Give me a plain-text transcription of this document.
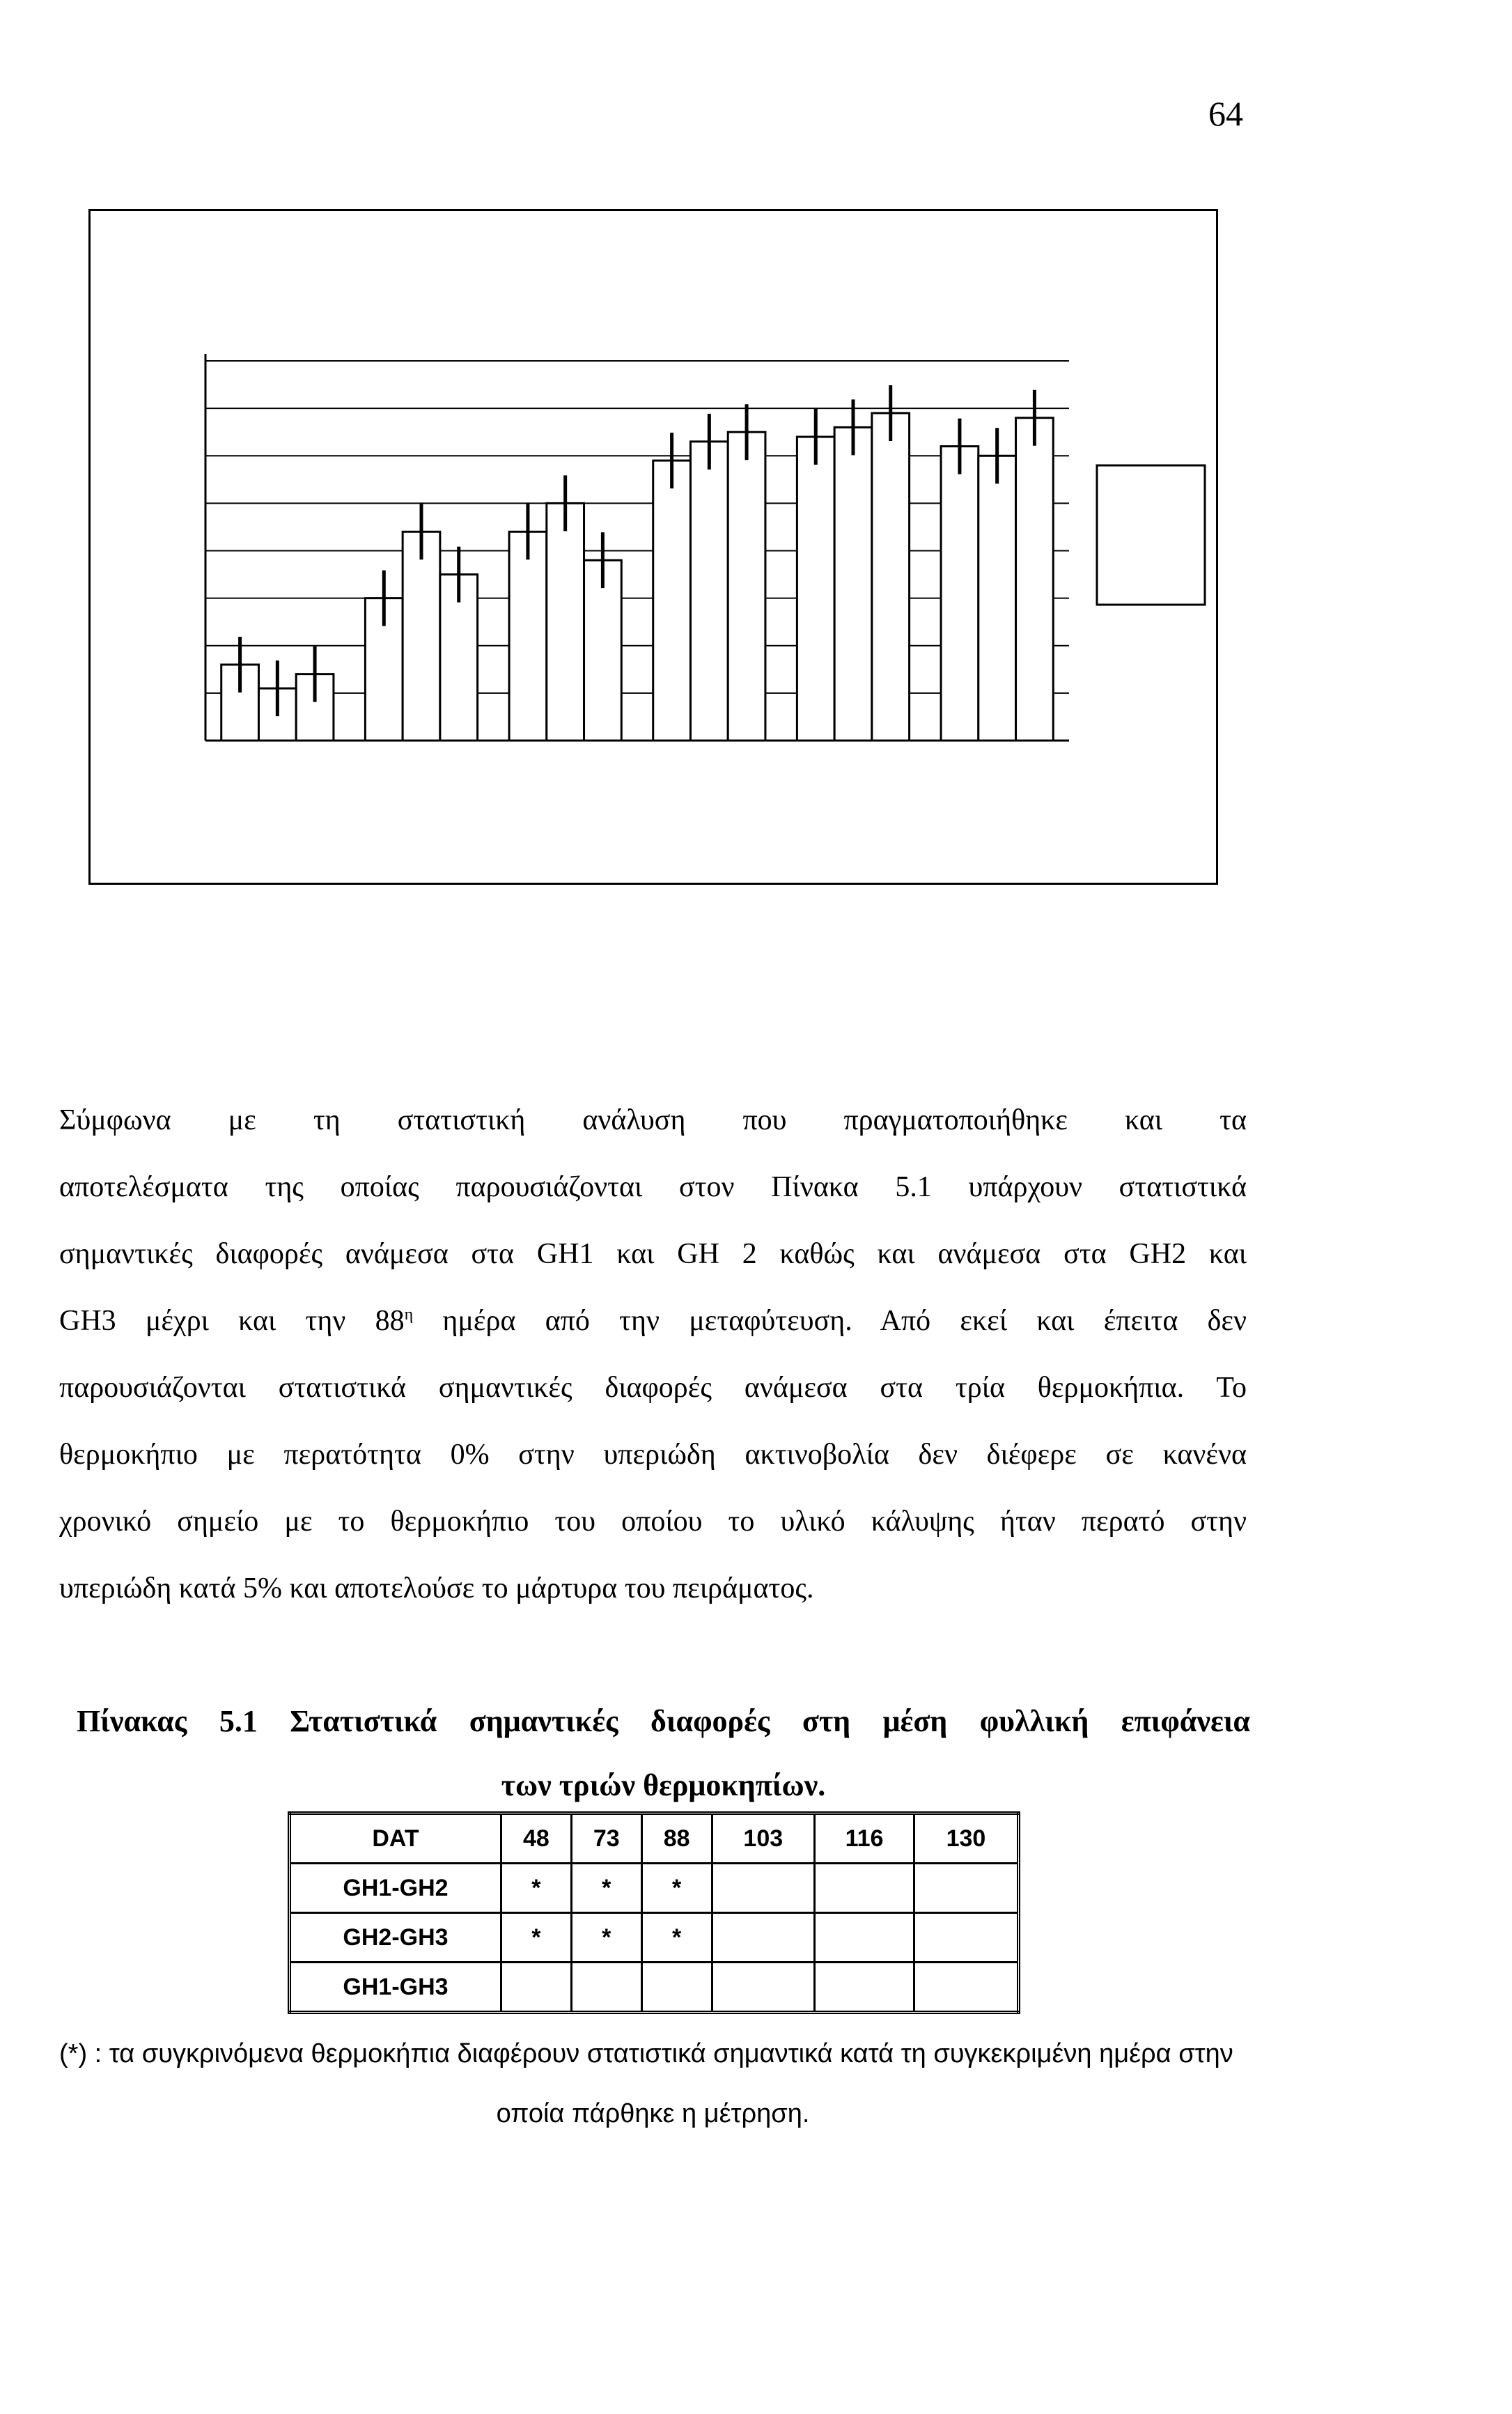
64
Σύμφωνα με τη στατιστική ανάλυση που πραγματοποιήθηκε και τα
αποτελέσματα της οποίας παρουσιάζονται στον Πίνακα 5.1 υπάρχουν στατιστικά
σημαντικές διαφορές ανάμεσα στα GH1 και GH 2 καθώς και ανάμεσα στα GH2 και
GH3 μέχρι και την $88^\eta$ ημέρα από την μεταφύτευση. Από εκεί και έπειτα δεν
παρουσιάζονται στατιστικά σημαντικές διαφορές ανάμεσα στα τρία θερμοκήπια. Το
θερμοκήπιο με περατότητα 0% στην υπεριώδη ακτινοβολία δεν διέφερε σε κανένα
χρονικό σημείο με το θερμοκήπιο του οποίου το υλικό κάλυψης ήταν περατό στην
υπεριώδη κατά 5% και αποτελούσε το μάρτυρα του πειράματος.
Πίνακας 5.1 Στατιστικά σημαντικές διαφορές στη μέση φυλλική επιφάνεια
των τριών θερμοκηπίων.
DAT	48	73	88	103	116	130
GH1-GH2	*	*	*			
GH2-GH3	*	*	*			
GH1-GH3						
(*) : τα συγκρινόμενα θερμοκήπια διαφέρουν στατιστικά σημαντικά κατά τη συγκεκριμένη ημέρα στην
οποία πάρθηκε η μέτρηση.
